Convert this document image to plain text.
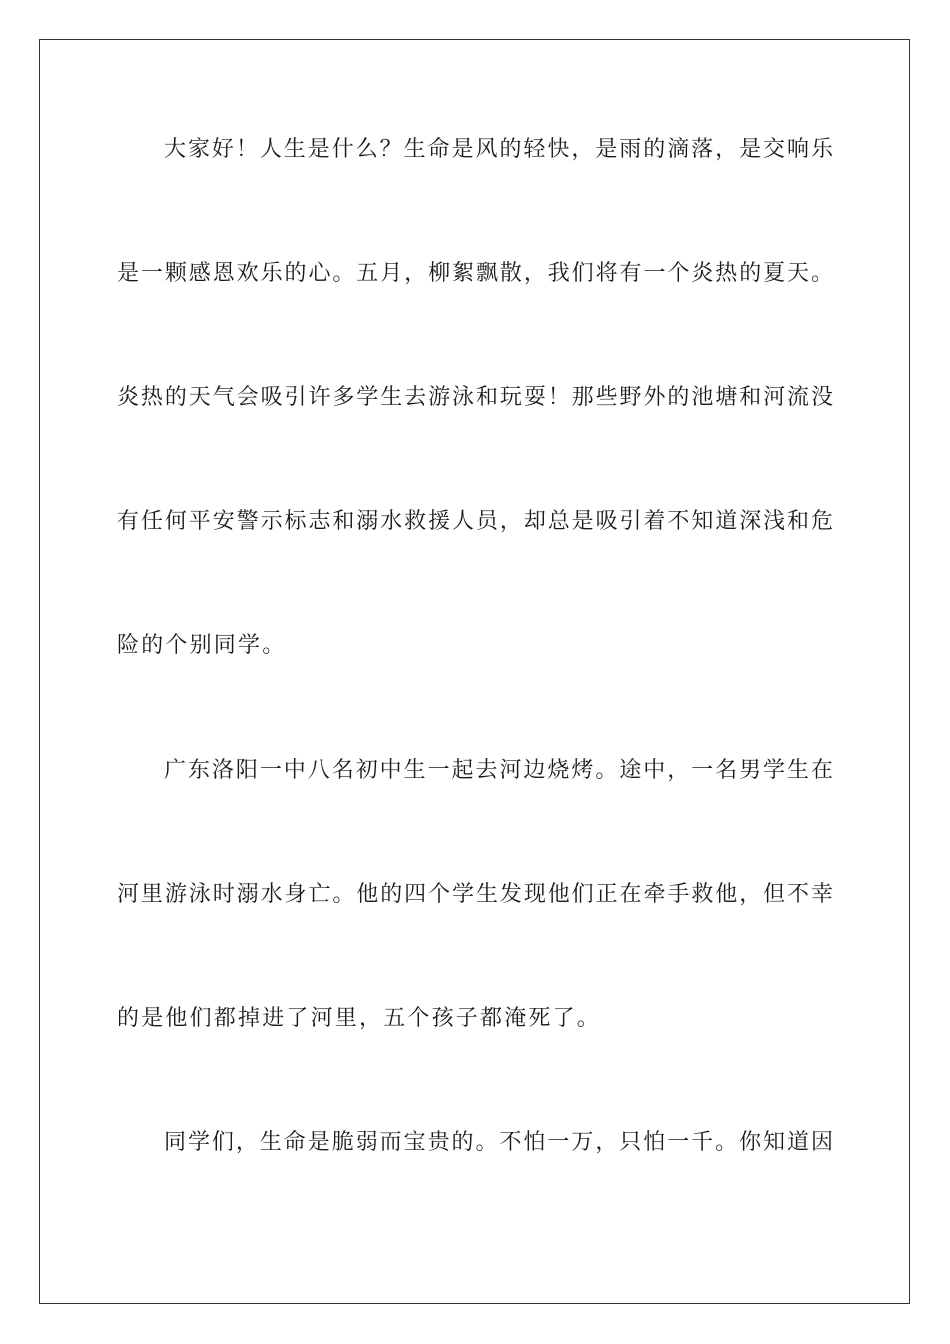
大家好！人生是什么？生命是风的轻快，是雨的滴落，是交响乐
是一颗感恩欢乐的心。五月，柳絮飘散，我们将有一个炎热的夏天。
炎热的天气会吸引许多学生去游泳和玩耍！那些野外的池塘和河流没
有任何平安警示标志和溺水救援人员，却总是吸引着不知道深浅和危
险的个别同学。
广东洛阳一中八名初中生一起去河边烧烤。途中，一名男学生在
河里游泳时溺水身亡。他的四个学生发现他们正在牵手救他，但不幸
的是他们都掉进了河里，五个孩子都淹死了。
同学们，生命是脆弱而宝贵的。不怕一万，只怕一千。你知道因
